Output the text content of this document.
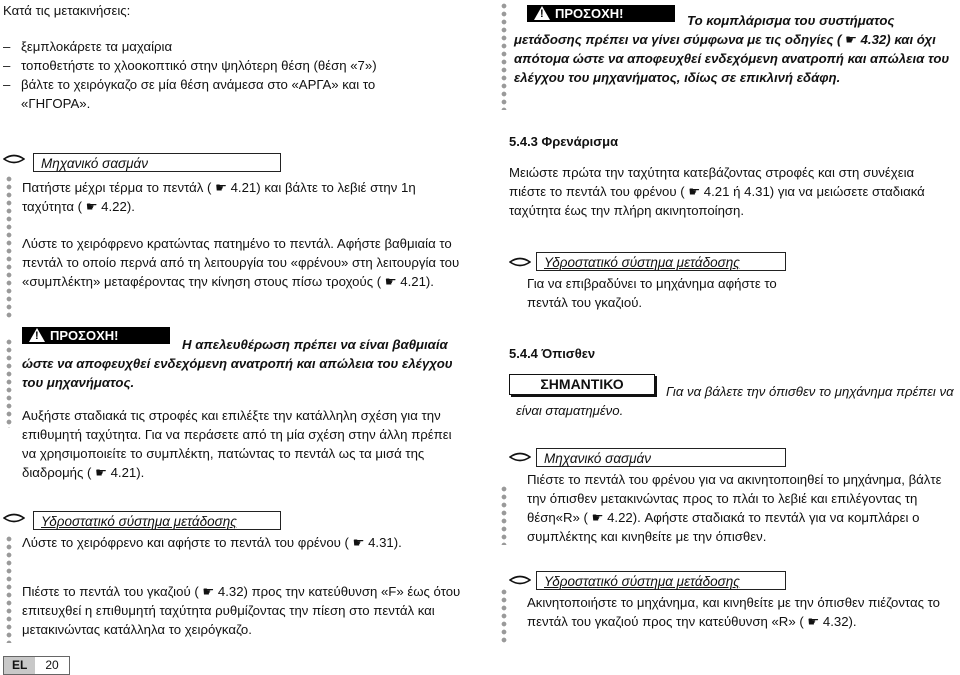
Κατά τις μετακινήσεις:
– ξεμπλοκάρετε τα μαχαίρια
– τοποθετήστε το χλοοκοπτικό στην ψηλότερη θέση (θέση «7»)
– βάλτε το χειρόγκαζο σε μία θέση ανάμεσα στο «ΑΡΓΑ» και το «ΓΗΓΟΡΑ».
Μηχανικό σασμάν
Πατήστε μέχρι τέρμα το πεντάλ ( ☛ 4.21) και βάλτε το λεβιέ στην 1η ταχύτητα ( ☛ 4.22).
Λύστε το χειρόφρενο κρατώντας πατημένο το πεντάλ. Αφήστε βαθμιαία το πεντάλ το οποίο περνά από τη λειτουργία του «φρένου» στη λειτουργία του «συμπλέκτη» μεταφέροντας την κίνηση στους πίσω τροχούς ( ☛ 4.21).
! ΠΡΟΣΟΧΗ!
Η απελευθέρωση πρέπει να είναι βαθμιαία ώστε να αποφευχθεί ενδεχόμενη ανατροπή και απώλεια του ελέγχου του μηχανήματος.
Αυξήστε σταδιακά τις στροφές και επιλέξτε την κατάλληλη σχέση για την επιθυμητή ταχύτητα. Για να περάσετε από τη μία σχέση στην άλλη πρέπει να χρησιμοποιείτε το συμπλέκτη, πατώντας το πεντάλ ως τα μισά της διαδρομής ( ☛ 4.21).
Υδροστατικό σύστημα μετάδοσης
Λύστε το χειρόφρενο και αφήστε το πεντάλ του φρένου ( ☛ 4.31).
Πιέστε το πεντάλ του γκαζιού ( ☛ 4.32) προς την κατεύθυνση «F» έως ότου επιτευχθεί η επιθυμητή ταχύτητα ρυθμίζοντας την πίεση στο πεντάλ και μετακινώντας κατάλληλα το χειρόγκαζο.
EL	20
! ΠΡΟΣΟΧΗ!	Το κομπλάρισμα του συστήματος μετάδοσης πρέπει να γίνει σύμφωνα με τις οδηγίες ( ☛ 4.32) και όχι απότομα ώστε να αποφευχθεί ενδεχόμενη ανατροπή και απώλεια του ελέγχου του μηχανήματος, ιδίως σε επικλινή εδάφη.
5.4.3 Φρενάρισμα
Μειώστε πρώτα την ταχύτητα κατεβάζοντας στροφές και στη συνέχεια πιέστε το πεντάλ του φρένου ( ☛ 4.21 ή 4.31) για να μειώσετε σταδιακά ταχύτητα έως την πλήρη ακινητοποίηση.
Υδροστατικό σύστημα μετάδοσης
Για να επιβραδύνει το μηχάνημα αφήστε το πεντάλ του γκαζιού.
5.4.4 Όπισθεν
ΣΗΜΑΝΤΙΚΟ	Για να βάλετε την όπισθεν το μηχάνημα πρέπει να είναι σταματημένο.
Μηχανικό σασμάν
Πιέστε το πεντάλ του φρένου για να ακινητοποιηθεί το μηχάνημα, βάλτε την όπισθεν μετακινώντας προς το πλάι το λεβιέ και επιλέγοντας τη θέση«R» ( ☛ 4.22). Αφήστε σταδιακά το πεντάλ για να κομπλάρει ο συμπλέκτης και κινηθείτε με την όπισθεν.
Υδροστατικό σύστημα μετάδοσης
Ακινητοποιήστε το μηχάνημα, και κινηθείτε με την όπισθεν πιέζοντας το πεντάλ του γκαζιού προς την κατεύθυνση «R» ( ☛ 4.32).
